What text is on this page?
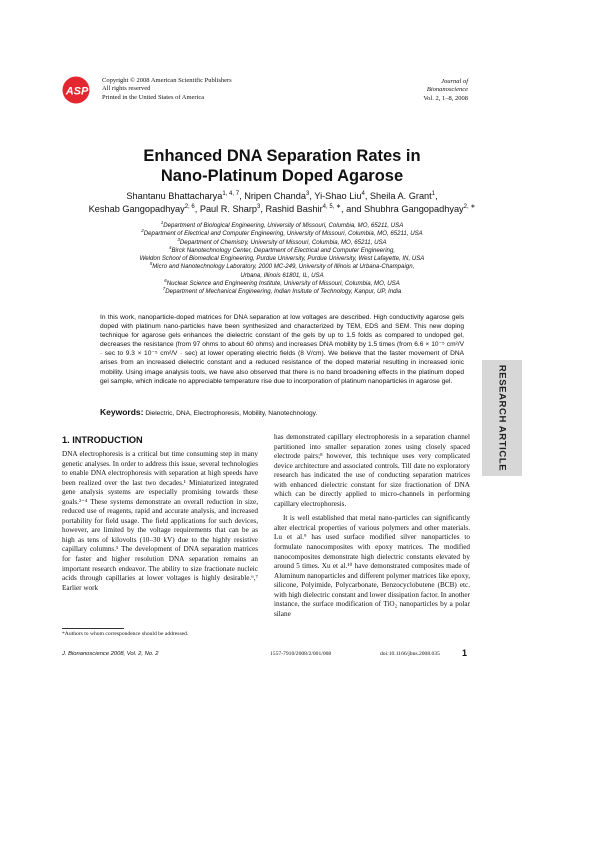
ASP
Copyright © 2008 American Scientific Publishers
All rights reserved
Printed in the United States of America
Journal of
Bionanoscience
Vol. 2, 1–8, 2008
Enhanced DNA Separation Rates in
Nano-Platinum Doped Agarose
Shantanu Bhattacharya$^{1, 4, 7}$, Nripen Chanda$^3$, Yi-Shao Liu$^4$, Sheila A. Grant$^1$,
Keshab Gangopadhyay$^{2, 6}$, Paul R. Sharp$^3$, Rashid Bashir$^{4, 5, ∗}$, and Shubhra Gangopadhyay$^{2, ∗}$
$^1$Department of Biological Engineering, University of Missouri, Columbia, MO, 65211, USA
$^2$Department of Electrical and Computer Engineering, University of Missouri, Columbia, MO, 65211, USA
$^3$Department of Chemistry, University of Missouri, Columbia, MO, 65211, USA
$^4$Birck Nanotechnology Center, Department of Electrical and Computer Engineering,
Weldon School of Biomedical Engineering, Purdue University, Purdue University, West Lafayette, IN, USA
$^5$Micro and Nanotechnology Laboratory, 2000 MC-249, University of Illinois at Urbana-Champaign,
Urbana, Illinois 61801, IL, USA
$^6$Nuclear Science and Engineering Institute, University of Missouri, Columbia, MO, USA
$^7$Department of Mechanical Engineering, Indian Insitute of Technology, Kanpur, UP, India
In this work, nanoparticle-doped matrices for DNA separation at low voltages are described. High conductivity agarose gels doped with platinum nano-particles have been synthesized and characterized by TEM, EDS and SEM. This new doping technique for agarose gels enhances the dielectric constant of the gels by up to 1.5 folds as compared to undoped gel, decreases the resistance (from 97 ohms to about 60 ohms) and increases DNA mobility by 1.5 times (from 6.6 × 10⁻⁵ cm²/V · sec to 9.3 × 10⁻⁵ cm²/V · sec) at lower operating electric fields (8 V/cm). We believe that the faster movement of DNA arises from an increased dielectric constant and a reduced resistance of the doped material resulting in increased ionic mobility. Using image analysis tools, we have also observed that there is no band broadening effects in the platinum doped gel sample, which indicate no appreciable temperature rise due to incorporation of platinum nanoparticles in agarose gel.
Keywords: Dielectric, DNA, Electrophoresis, Mobility, Nanotechnology.	RESEARCH ARTICLE
1. INTRODUCTION

DNA electrophoresis is a critical but time consuming step in many genetic analyses. In order to address this issue, several technologies to enable DNA electrophoresis with separation at high speeds have been realized over the last two decades.¹ Miniaturized integrated gene analysis systems are especially promising towards these goals.²⁻⁴ These systems demonstrate an overall reduction in size, reduced use of reagents, rapid and accurate analysis, and increased portability for field usage. The field applications for such devices, however, are limited by the voltage requirements that can be as high as tens of kilovolts (10–30 kV) due to the highly resistive capillary columns.⁵ The development of DNA separation matrices for faster and higher resolution DNA separation remains an important research endeavor. The ability to size fractionate nucleic acids through capillaries at lower voltages is highly desirable.⁶,⁷ Earlier work

has demonstrated capillary electrophoresis in a separation channel partitioned into smaller separation zones using closely spaced electrode pairs;⁸ however, this technique uses very complicated device architecture and associated controls. Till date no exploratory research has indicated the use of conducting separation matrices with enhanced dielectric constant for size fractionation of DNA which can be directly applied to micro-channels in performing capillary electrophoresis.

It is well established that metal nano-particles can significantly alter electrical properties of various polymers and other materials. Lu et al.⁹ has used surface modified silver nanoparticles to formulate nanocomposites with epoxy matrices. The modified nanocomposites demonstrate high dielectric constants elevated by around 5 times. Xu et al.¹⁰ have demonstrated composites made of Aluminum nanoparticles and different polymer matrices like epoxy, silicone, Polyimide, Polycarbonate, Benzocyclobutene (BCB) etc. with high dielectric constant and lower dissipation factor. In another instance, the surface modification of TiO₂ nanoparticles by a polar silane

*Authors to whom correspondence should be addressed.
J. Bionanoscience 2008, Vol. 2, No. 2	1557-7910/2008/2/001/008	doi:10.1166/jbns.2008.035 1
